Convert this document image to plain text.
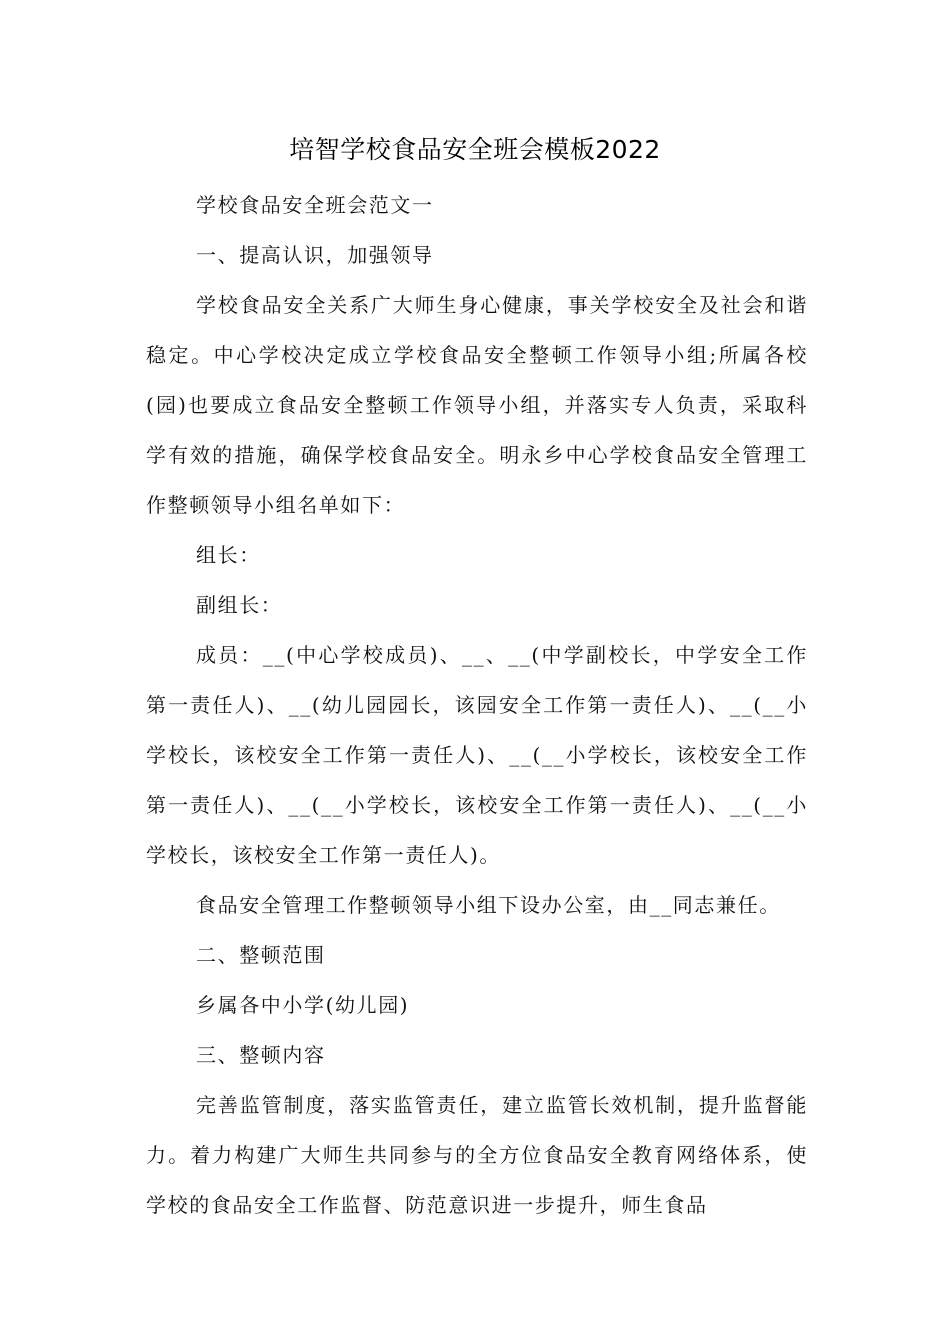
培智学校食品安全班会模板2022

学校食品安全班会范文一

一、提高认识，加强领导

学校食品安全关系广大师生身心健康，事关学校安全及社会和谐稳定。中心学校决定成立学校食品安全整顿工作领导小组;所属各校(园)也要成立食品安全整顿工作领导小组，并落实专人负责，采取科学有效的措施，确保学校食品安全。明永乡中心学校食品安全管理工作整顿领导小组名单如下：

组长：

副组长：

成员：__(中心学校成员)、__、__(中学副校长，中学安全工作第一责任人)、__(幼儿园园长，该园安全工作第一责任人)、__(__小学校长，该校安全工作第一责任人)、__(__小学校长，该校安全工作第一责任人)、__(__小学校长，该校安全工作第一责任人)、__(__小学校长，该校安全工作第一责任人)。

食品安全管理工作整顿领导小组下设办公室，由__同志兼任。

二、整顿范围

乡属各中小学(幼儿园)

三、整顿内容

完善监管制度，落实监管责任，建立监管长效机制，提升监督能力。着力构建广大师生共同参与的全方位食品安全教育网络体系，使学校的食品安全工作监督、防范意识进一步提升，师生食品
